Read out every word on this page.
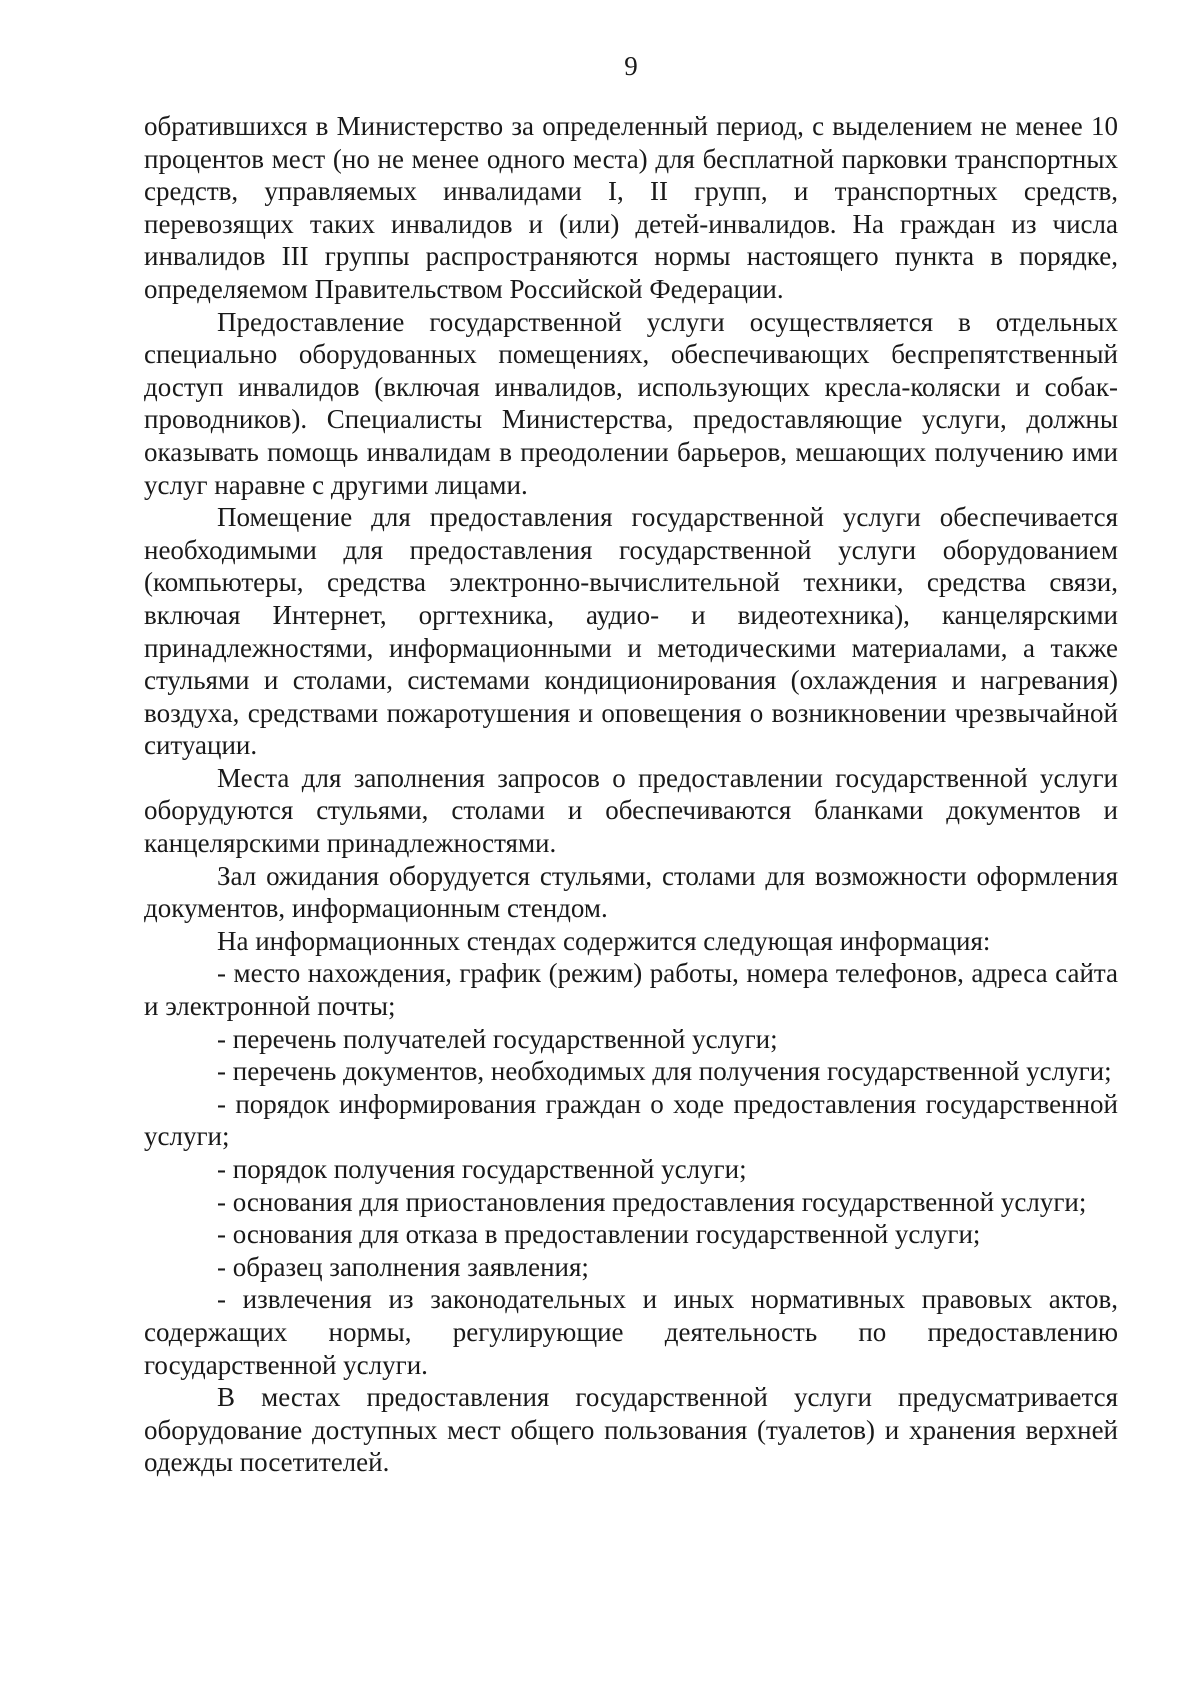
9

обратившихся в Министерство за определенный период, с выделением не менее 10 процентов мест (но не менее одного места) для бесплатной парковки транспортных средств, управляемых инвалидами I, II групп, и транспортных средств, перевозящих таких инвалидов и (или) детей-инвалидов. На граждан из числа инвалидов III группы распространяются нормы настоящего пункта в порядке, определяемом Правительством Российской Федерации.

Предоставление государственной услуги осуществляется в отдельных специально оборудованных помещениях, обеспечивающих беспрепятственный доступ инвалидов (включая инвалидов, использующих кресла-коляски и собак-проводников). Специалисты Министерства, предоставляющие услуги, должны оказывать помощь инвалидам в преодолении барьеров, мешающих получению ими услуг наравне с другими лицами.

Помещение для предоставления государственной услуги обеспечивается необходимыми для предоставления государственной услуги оборудованием (компьютеры, средства электронно-вычислительной техники, средства связи, включая Интернет, оргтехника, аудио- и видеотехника), канцелярскими принадлежностями, информационными и методическими материалами, а также стульями и столами, системами кондиционирования (охлаждения и нагревания) воздуха, средствами пожаротушения и оповещения о возникновении чрезвычайной ситуации.

Места для заполнения запросов о предоставлении государственной услуги оборудуются стульями, столами и обеспечиваются бланками документов и канцелярскими принадлежностями.

Зал ожидания оборудуется стульями, столами для возможности оформления документов, информационным стендом.

На информационных стендах содержится следующая информация:

- место нахождения, график (режим) работы, номера телефонов, адреса сайта и электронной почты;

- перечень получателей государственной услуги;

- перечень документов, необходимых для получения государственной услуги;

- порядок информирования граждан о ходе предоставления государственной услуги;

- порядок получения государственной услуги;

- основания для приостановления предоставления государственной услуги;

- основания для отказа в предоставлении государственной услуги;

- образец заполнения заявления;

- извлечения из законодательных и иных нормативных правовых актов, содержащих нормы, регулирующие деятельность по предоставлению государственной услуги.

В местах предоставления государственной услуги предусматривается оборудование доступных мест общего пользования (туалетов) и хранения верхней одежды посетителей.
